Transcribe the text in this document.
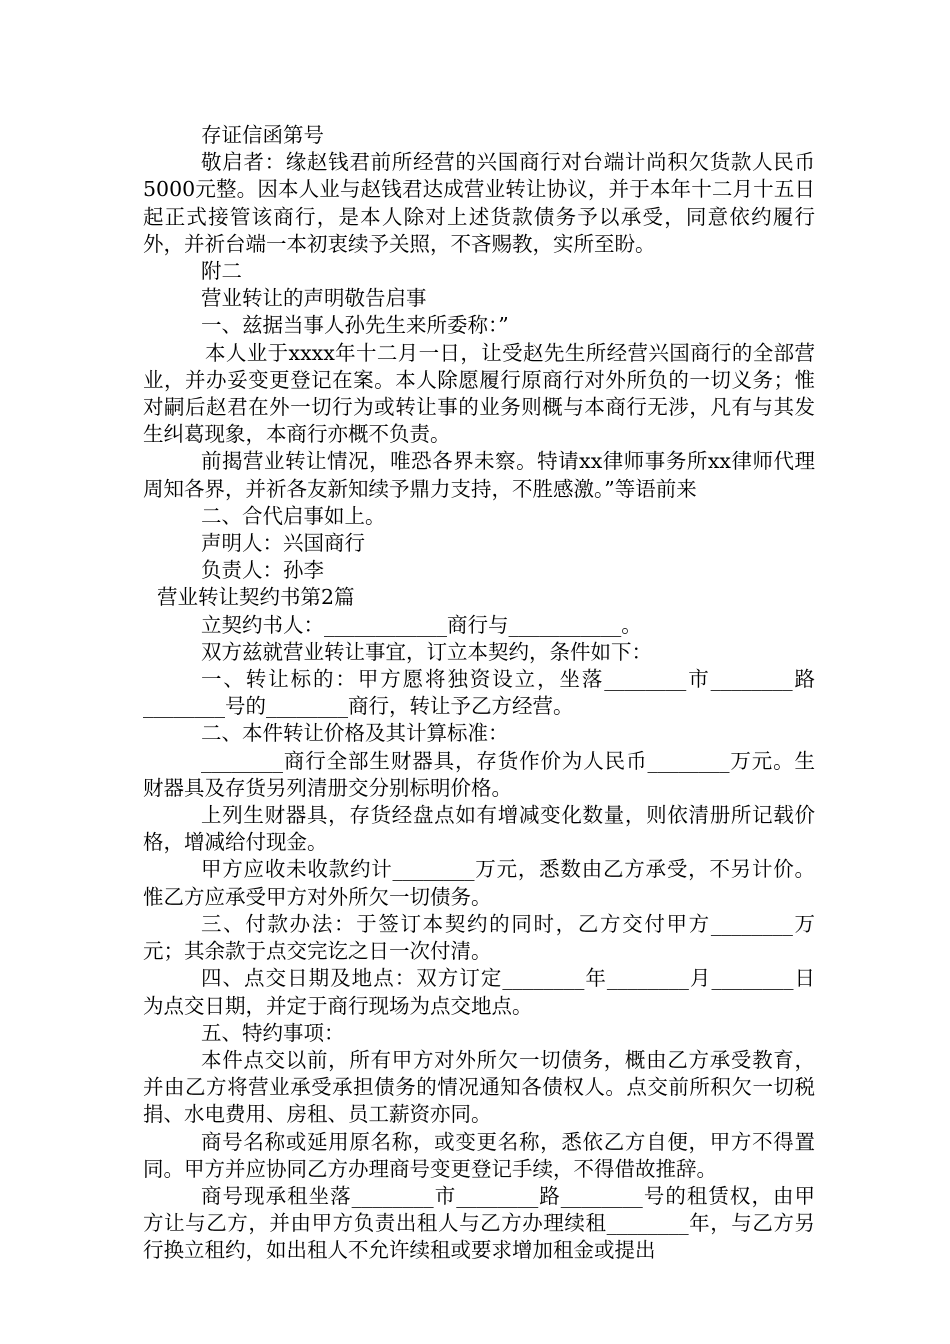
存证信函第号

敬启者：缘赵钱君前所经营的兴国商行对台端计尚积欠货款人民币5000元整。因本人业与赵钱君达成营业转让协议，并于本年十二月十五日起正式接管该商行，是本人除对上述货款债务予以承受，同意依约履行外，并祈台端一本初衷续予关照，不吝赐教，实所至盼。

附二

营业转让的声明敬告启事

一、兹据当事人孙先生来所委称：”

本人业于xxxx年十二月一日，让受赵先生所经营兴国商行的全部营业，并办妥变更登记在案。本人除愿履行原商行对外所负的一切义务；惟对嗣后赵君在外一切行为或转让事的业务则概与本商行无涉，凡有与其发生纠葛现象，本商行亦概不负责。

前揭营业转让情况，唯恐各界未察。特请xx律师事务所xx律师代理周知各界，并祈各友新知续予鼎力支持，不胜感激。”等语前来

二、合代启事如上。

声明人：兴国商行

负责人：孙李

营业转让契约书第2篇

立契约书人：____________商行与___________。

双方兹就营业转让事宜，订立本契约，条件如下：

一、转让标的：甲方愿将独资设立，坐落________市________路________号的________商行，转让予乙方经营。

二、本件转让价格及其计算标准：

________商行全部生财器具，存货作价为人民币________万元。生财器具及存货另列清册交分别标明价格。

上列生财器具，存货经盘点如有增减变化数量，则依清册所记载价格，增减给付现金。

甲方应收未收款约计________万元，悉数由乙方承受，不另计价。惟乙方应承受甲方对外所欠一切债务。

三、付款办法：于签订本契约的同时，乙方交付甲方________万元；其余款于点交完讫之日一次付清。

四、点交日期及地点：双方订定________年________月________日为点交日期，并定于商行现场为点交地点。

五、特约事项：

本件点交以前，所有甲方对外所欠一切债务，概由乙方承受教育，并由乙方将营业承受承担债务的情况通知各债权人。点交前所积欠一切税捐、水电费用、房租、员工薪资亦同。

商号名称或延用原名称，或变更名称，悉依乙方自便，甲方不得置同。甲方并应协同乙方办理商号变更登记手续，不得借故推辞。

商号现承租坐落________市________路________号的租赁权，由甲方让与乙方，并由甲方负责出租人与乙方办理续租________年，与乙方另行换立租约，如出租人不允许续租或要求增加租金或提出
